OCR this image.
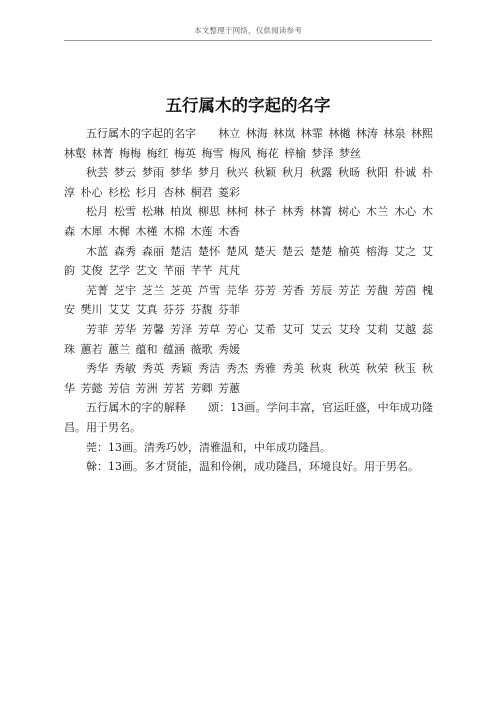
本文整理于网络，仅供阅读参考
五行属木的字起的名字

五行属木的字起的名字　　林立 林海 林岚 林霏 林樾 林涛 林泉 林熙 林壑 林菁 梅梅 梅红 梅英 梅雪 梅风 梅花 梓榆 梦泽 梦丝

秋芸 梦云 梦雨 梦华 梦月 秋兴 秋颖 秋月 秋露 秋旸 秋阳 朴诚 朴淳 朴心 杉松 杉月 杏林 桐君 菱彩

松月 松雪 松琳 柏岚 柳思 林柯 林子 林秀 林箐 树心 木兰 木心 木森 木犀 木樨 木槿 木棉 木莲 木香

木蓝 森秀 森丽 楚洁 楚怀 楚风 楚天 楚云 楚楚 榆英 榕海 艾之 艾韵 艾俊 艺学 艺文 芊丽 芊芊 芃芃

芜菁 芝宇 芝兰 芝英 芦雪 芫华 芬芳 芳香 芳辰 芳芷 芳馥 芳茵 槐安 樊川 艾艾 艾真 芬芬 芬馥 芬菲

芳菲 芳华 芳馨 芳泽 芳草 芳心 艾希 艾可 艾云 艾玲 艾莉 艾越 蕊珠 蕙若 蕙兰 蕴和 蕴涵 薇歌 秀媛

秀华 秀敏 秀英 秀颖 秀洁 秀杰 秀雅 秀美 秋爽 秋英 秋荣 秋玉 秋华 芳懿 芳信 芳洲 芳茗 芳卿 芳蕙

五行属木的字的解释　　颂：13画。学问丰富，官运旺盛，中年成功隆昌。用于男名。

莞：13画。清秀巧妙，清雅温和，中年成功隆昌。

榦：13画。多才贤能，温和伶俐，成功隆昌，环境良好。用于男名。
